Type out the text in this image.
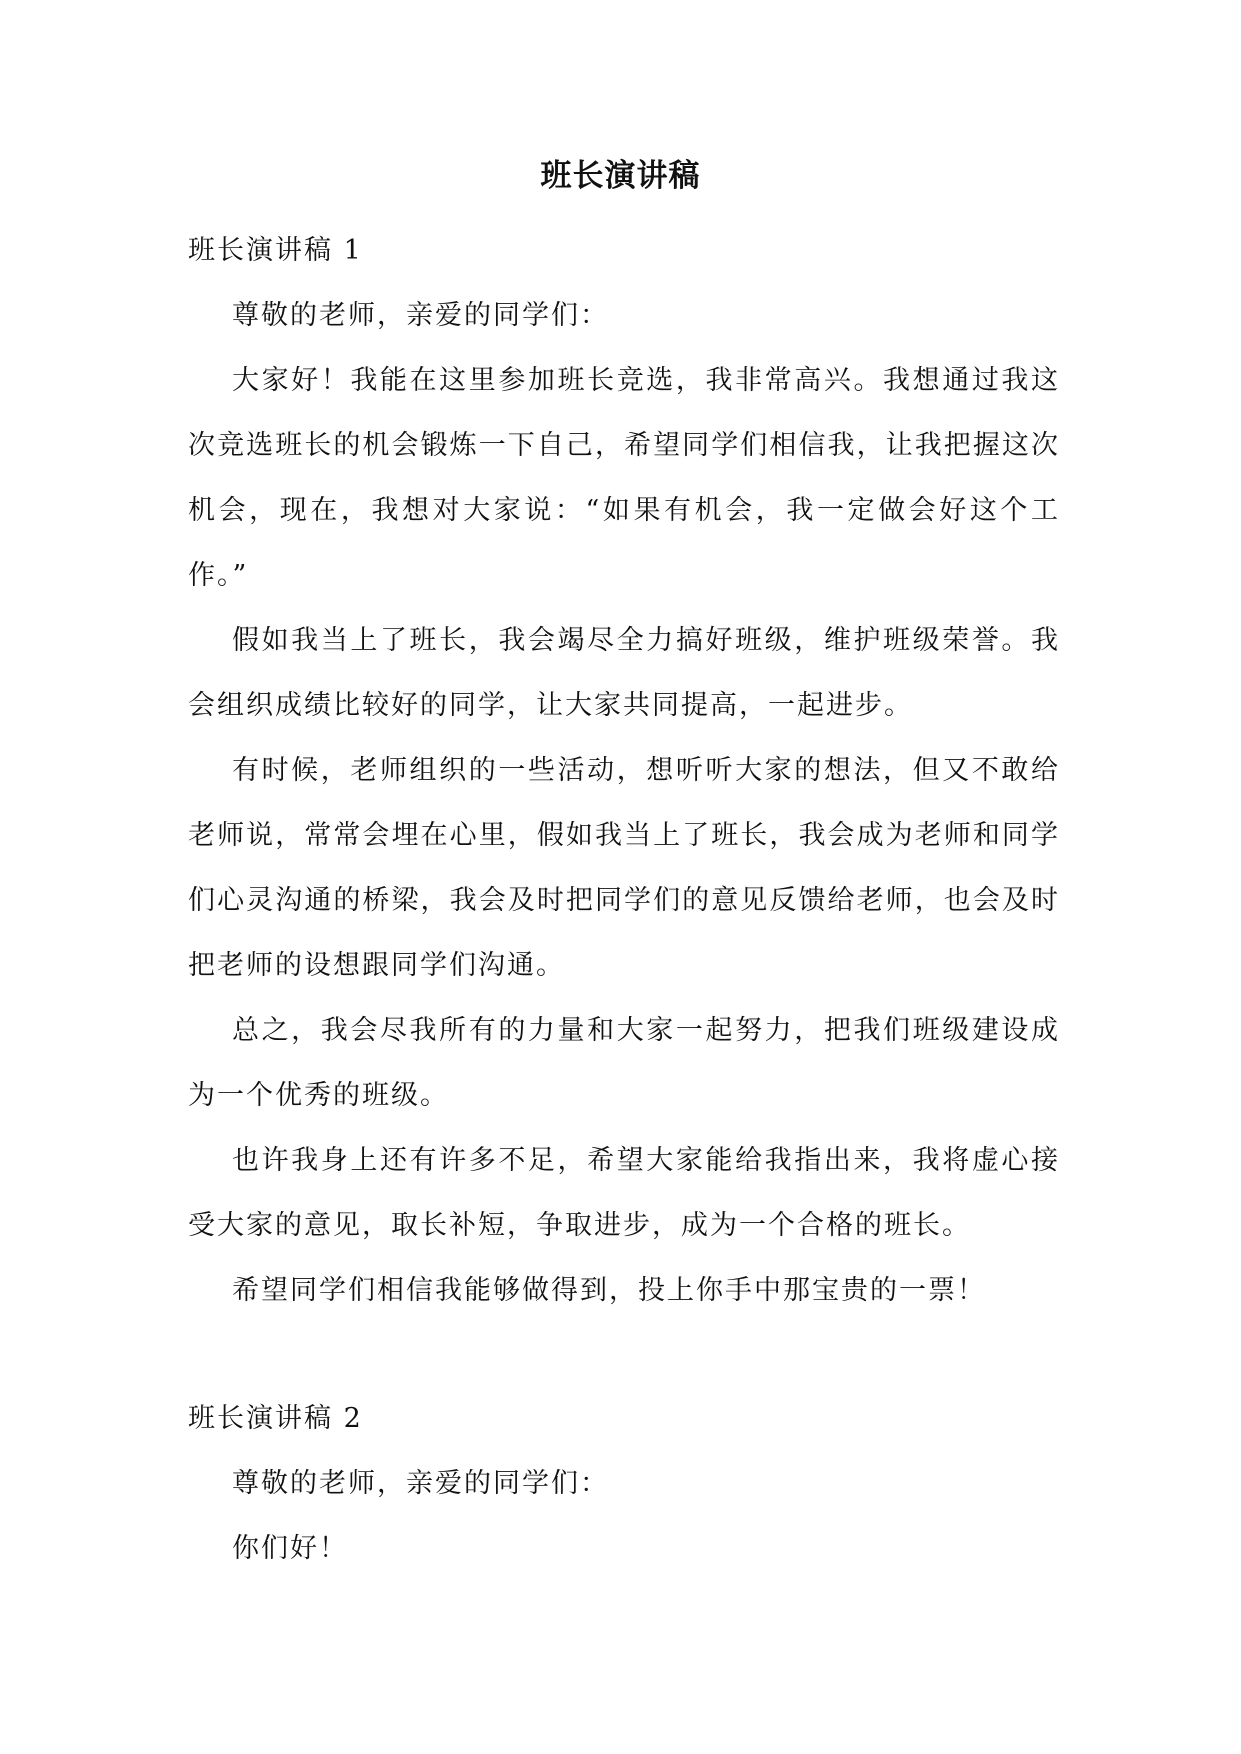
班长演讲稿

班长演讲稿 1

尊敬的老师，亲爱的同学们：

大家好！我能在这里参加班长竞选，我非常高兴。我想通过我这次竞选班长的机会锻炼一下自己，希望同学们相信我，让我把握这次机会，现在，我想对大家说：“如果有机会，我一定做会好这个工作。”

假如我当上了班长，我会竭尽全力搞好班级，维护班级荣誉。我会组织成绩比较好的同学，让大家共同提高，一起进步。

有时候，老师组织的一些活动，想听听大家的想法，但又不敢给老师说，常常会埋在心里，假如我当上了班长，我会成为老师和同学们心灵沟通的桥梁，我会及时把同学们的意见反馈给老师，也会及时把老师的设想跟同学们沟通。

总之，我会尽我所有的力量和大家一起努力，把我们班级建设成为一个优秀的班级。

也许我身上还有许多不足，希望大家能给我指出来，我将虚心接受大家的意见，取长补短，争取进步，成为一个合格的班长。

希望同学们相信我能够做得到，投上你手中那宝贵的一票！

班长演讲稿 2

尊敬的老师，亲爱的同学们：

你们好！
